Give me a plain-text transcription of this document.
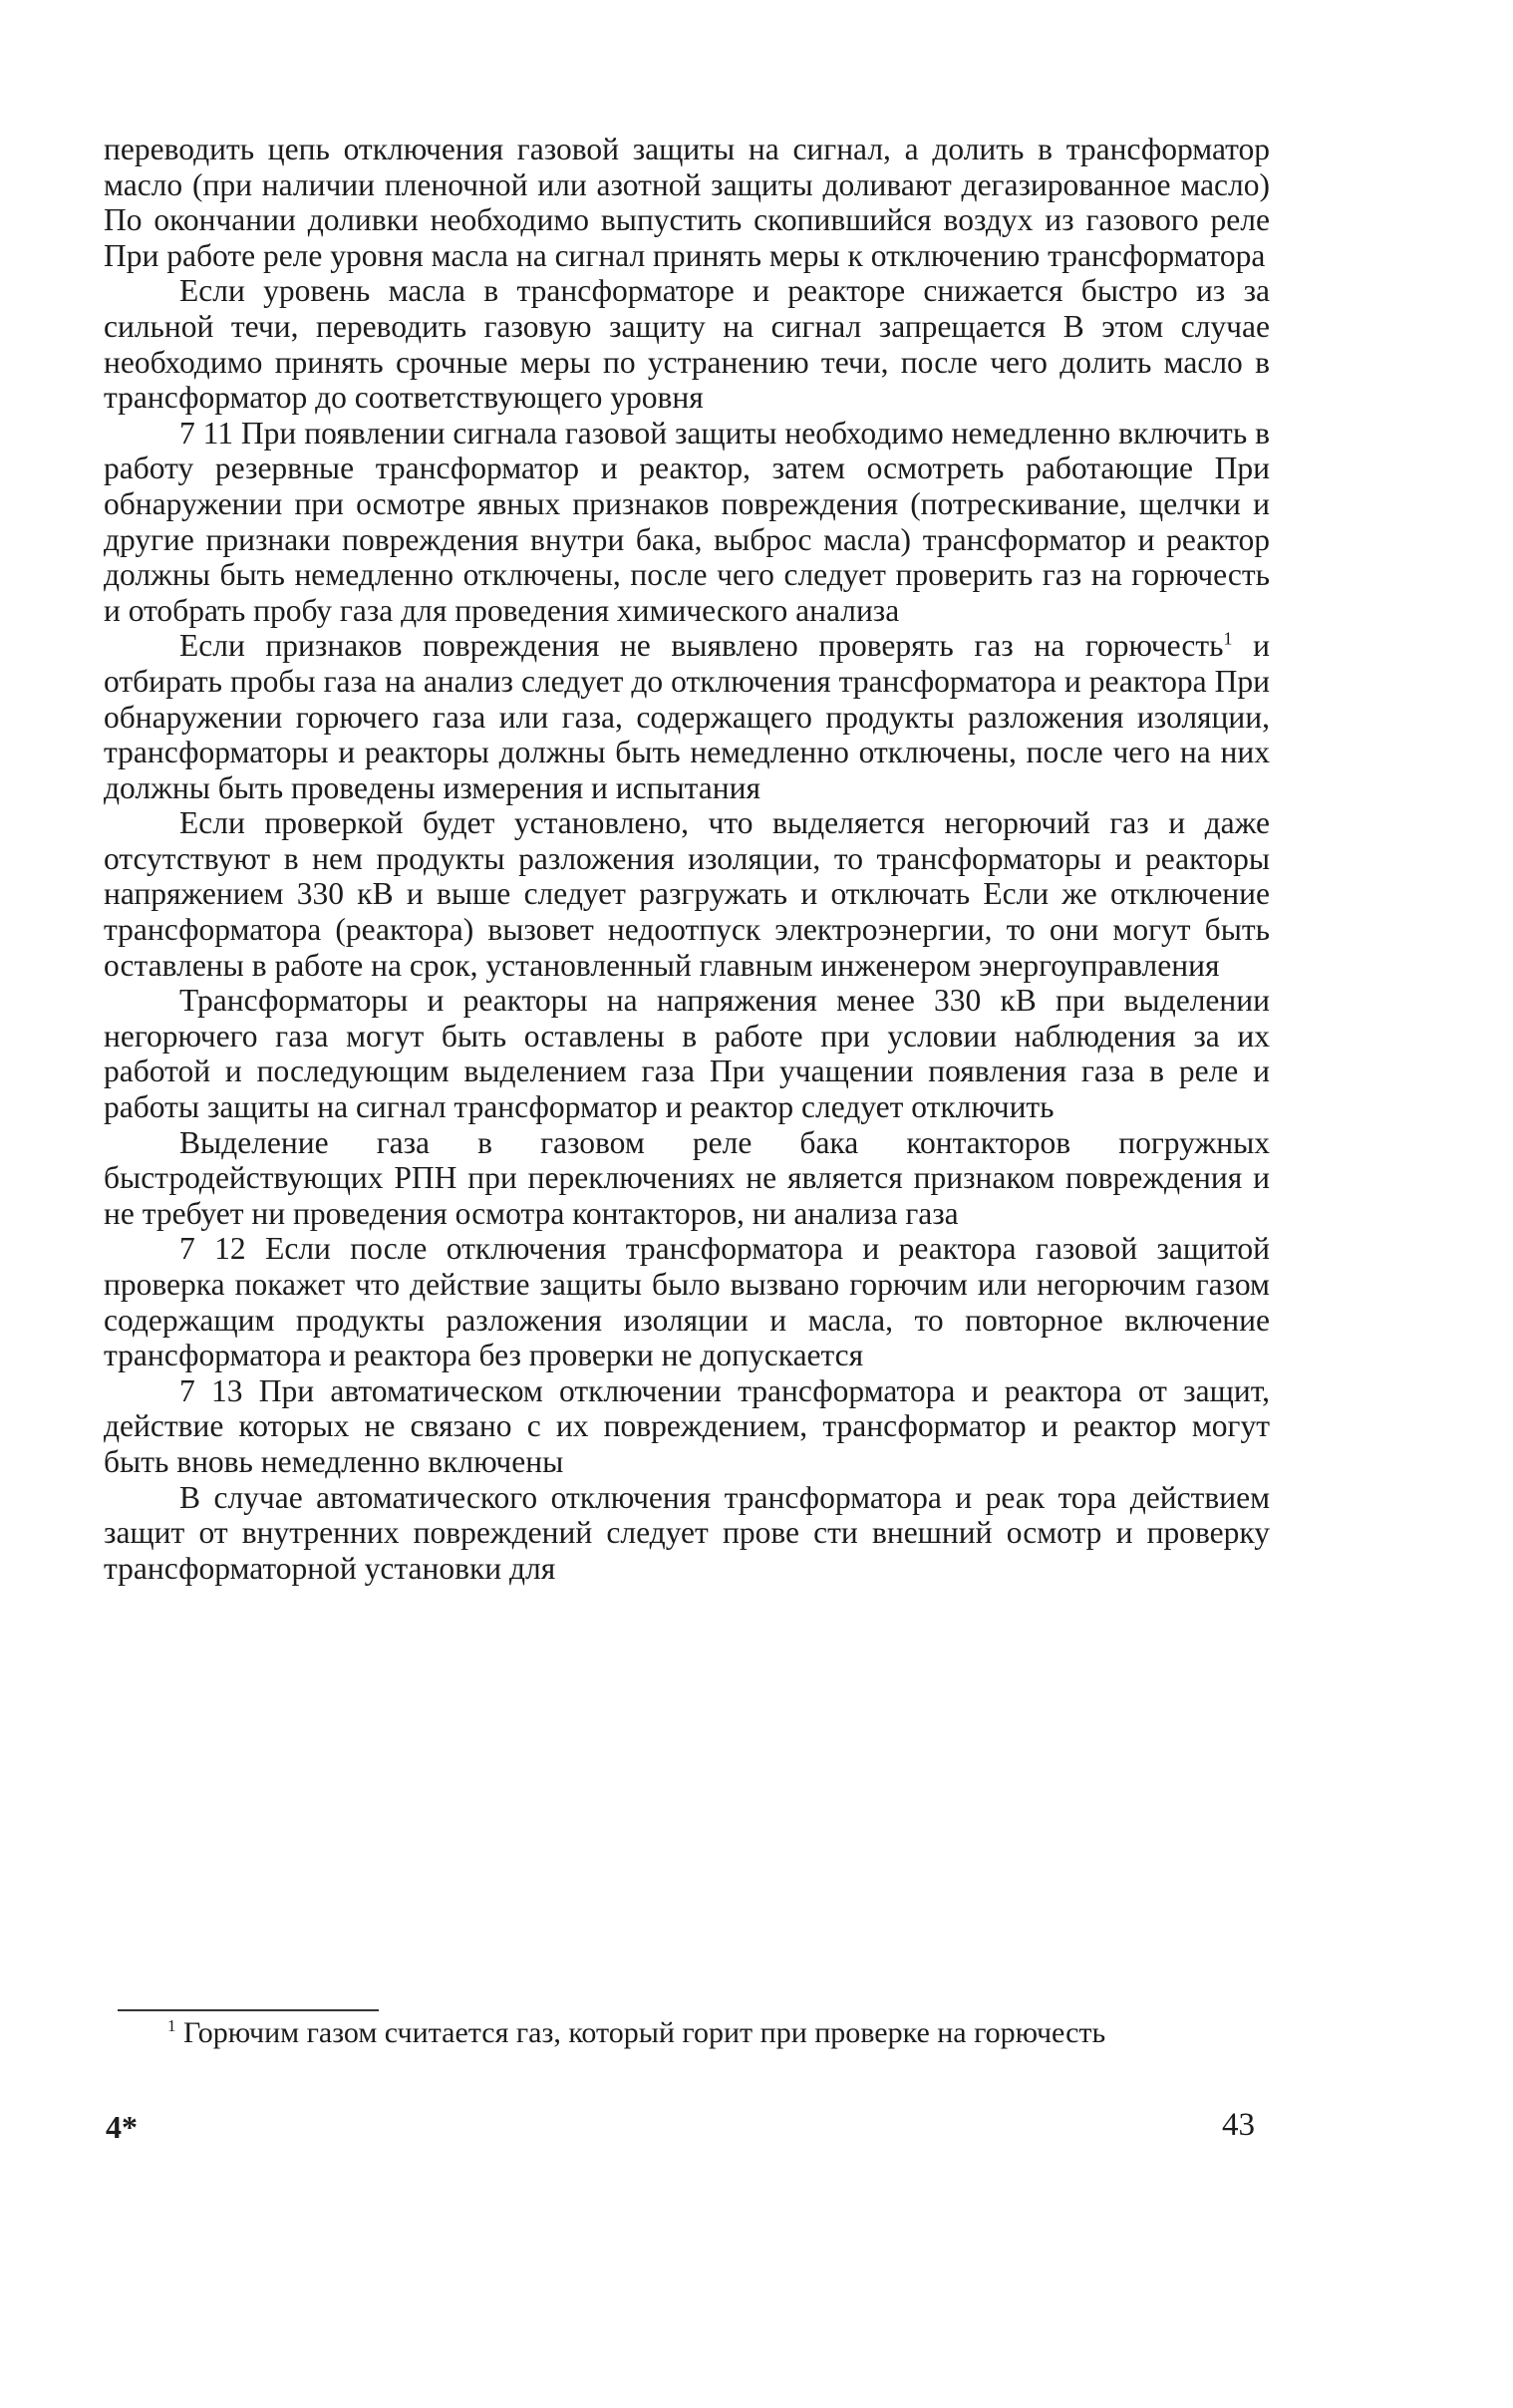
переводить цепь отключения газовой защиты на сигнал, а долить в трансформатор масло (при наличии пленочной или азотной защиты доливают дегазированное масло) По окончании доливки необходимо выпустить скопившийся воздух из газового реле При работе реле уровня масла на сигнал принять меры к отключению трансформатора

Если уровень масла в трансформаторе и реакторе снижается быстро из за сильной течи, переводить газовую защиту на сигнал запрещается В этом случае необходимо принять срочные меры по устранению течи, после чего долить масло в трансформатор до соответствующего уровня

7 11 При появлении сигнала газовой защиты необходимо немедленно включить в работу резервные трансформатор и реактор, затем осмотреть работающие При обнаружении при осмотре явных признаков повреждения (потрескивание, щелчки и другие признаки повреждения внутри бака, выброс масла) трансформатор и реактор должны быть немедленно отключены, после чего следует проверить газ на горючесть и отобрать пробу газа для проведения химического анализа

Если признаков повреждения не выявлено проверять газ на горючесть$^1$ и отбирать пробы газа на анализ следует до отключения трансформатора и реактора При обнаружении горючего газа или газа, содержащего продукты разложения изоляции, трансформаторы и реакторы должны быть немедленно отключены, после чего на них должны быть проведены измерения и испытания

Если проверкой будет установлено, что выделяется негорючий газ и даже отсутствуют в нем продукты разложения изоляции, то трансформаторы и реакторы напряжением 330 кВ и выше следует разгружать и отключать Если же отключение трансформатора (реактора) вызовет недоотпуск электроэнергии, то они могут быть оставлены в работе на срок, установленный главным инженером энергоуправления

Трансформаторы и реакторы на напряжения менее 330 кВ при выделении негорючего газа могут быть оставлены в работе при условии наблюдения за их работой и последующим выделением газа При учащении появления газа в реле и работы защиты на сигнал трансформатор и реактор следует отключить

Выделение газа в газовом реле бака контакторов погружных быстродействующих РПН при переключениях не является признаком повреждения и не требует ни проведения осмотра контакторов, ни анализа газа

7 12 Если после отключения трансформатора и реактора газовой защитой проверка покажет что действие защиты было вызвано горючим или негорючим газом содержащим продукты разложения изоляции и масла, то повторное включение трансформатора и реактора без проверки не допускается

7 13 При автоматическом отключении трансформатора и реактора от защит, действие которых не связано с их повреждением, трансформатор и реактор могут быть вновь немедленно включены

В случае автоматического отключения трансформатора и реак тора действием защит от внутренних повреждений следует прове сти внешний осмотр и проверку трансформаторной установки для

$^1$ Горючим газом считается газ, который горит при проверке на горючесть
4*	43
